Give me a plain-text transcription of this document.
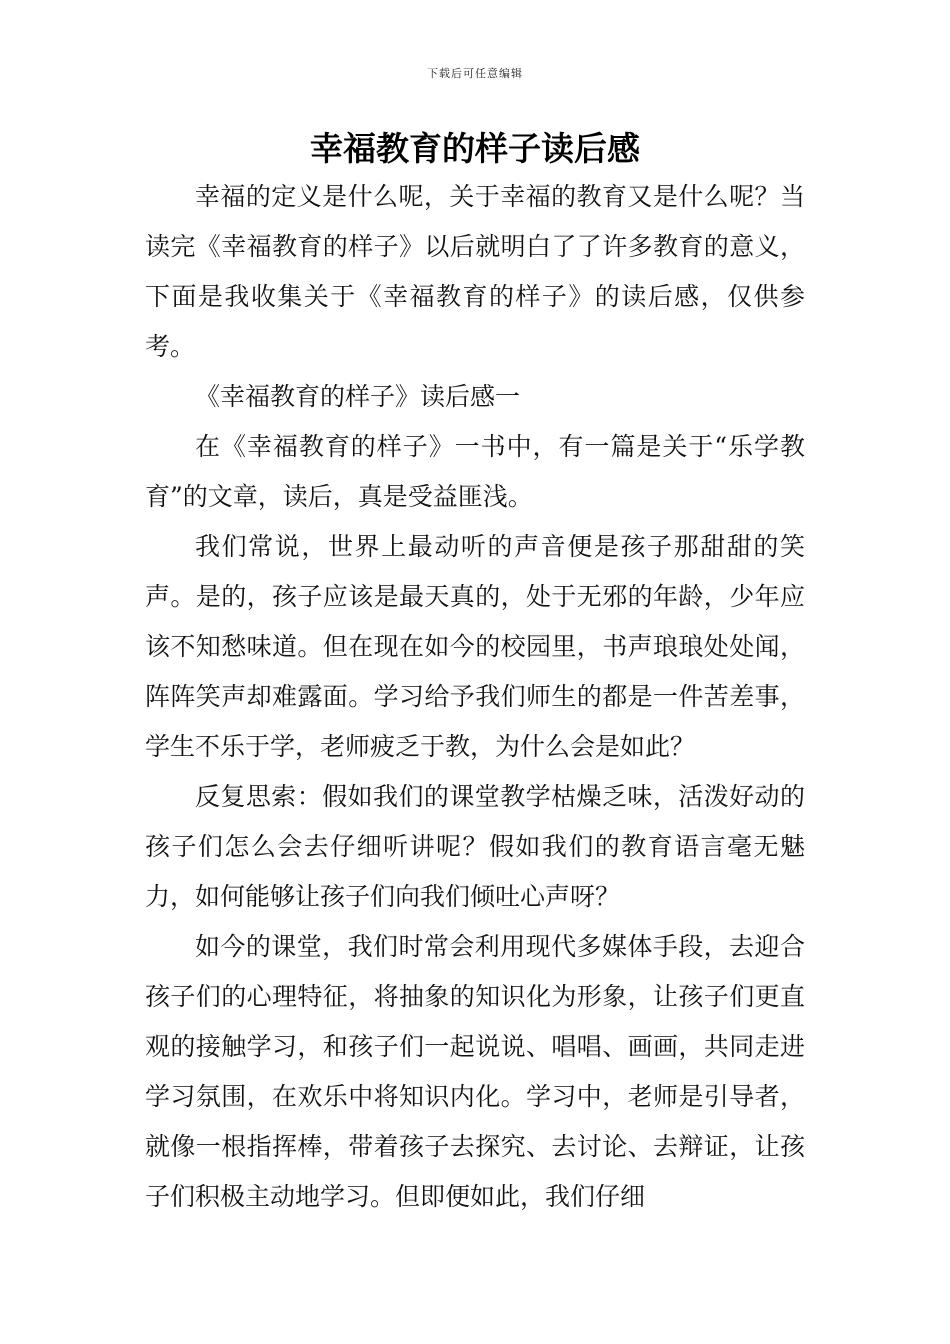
下载后可任意编辑
幸福教育的样子读后感

幸福的定义是什么呢，关于幸福的教育又是什么呢？当读完《幸福教育的样子》以后就明白了了许多教育的意义，下面是我收集关于《幸福教育的样子》的读后感，仅供参考。

《幸福教育的样子》读后感一

在《幸福教育的样子》一书中，有一篇是关于“乐学教育”的文章，读后，真是受益匪浅。

我们常说，世界上最动听的声音便是孩子那甜甜的笑声。是的，孩子应该是最天真的，处于无邪的年龄，少年应该不知愁味道。但在现在如今的校园里，书声琅琅处处闻，阵阵笑声却难露面。学习给予我们师生的都是一件苦差事，学生不乐于学，老师疲乏于教，为什么会是如此？

反复思索：假如我们的课堂教学枯燥乏味，活泼好动的孩子们怎么会去仔细听讲呢？假如我们的教育语言毫无魅力，如何能够让孩子们向我们倾吐心声呀？

如今的课堂，我们时常会利用现代多媒体手段，去迎合孩子们的心理特征，将抽象的知识化为形象，让孩子们更直观的接触学习，和孩子们一起说说、唱唱、画画，共同走进学习氛围，在欢乐中将知识内化。学习中，老师是引导者，就像一根指挥棒，带着孩子去探究、去讨论、去辩证，让孩子们积极主动地学习。但即便如此，我们仔细
